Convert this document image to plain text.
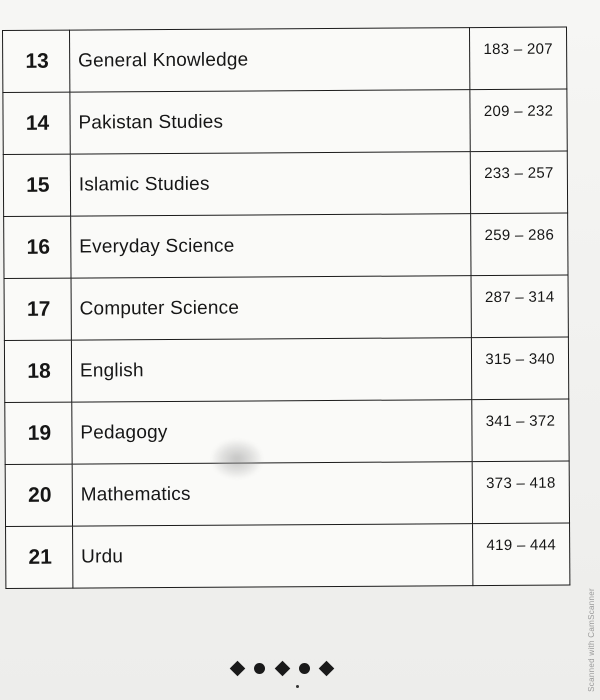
13	General Knowledge	183 – 207
14	Pakistan Studies	209 – 232
15	Islamic Studies	233 – 257
16	Everyday Science	259 – 286
17	Computer Science	287 – 314
18	English	315 – 340
19	Pedagogy	341 – 372
20	Mathematics	373 – 418
21	Urdu	419 – 444
Scanned with CamScanner
